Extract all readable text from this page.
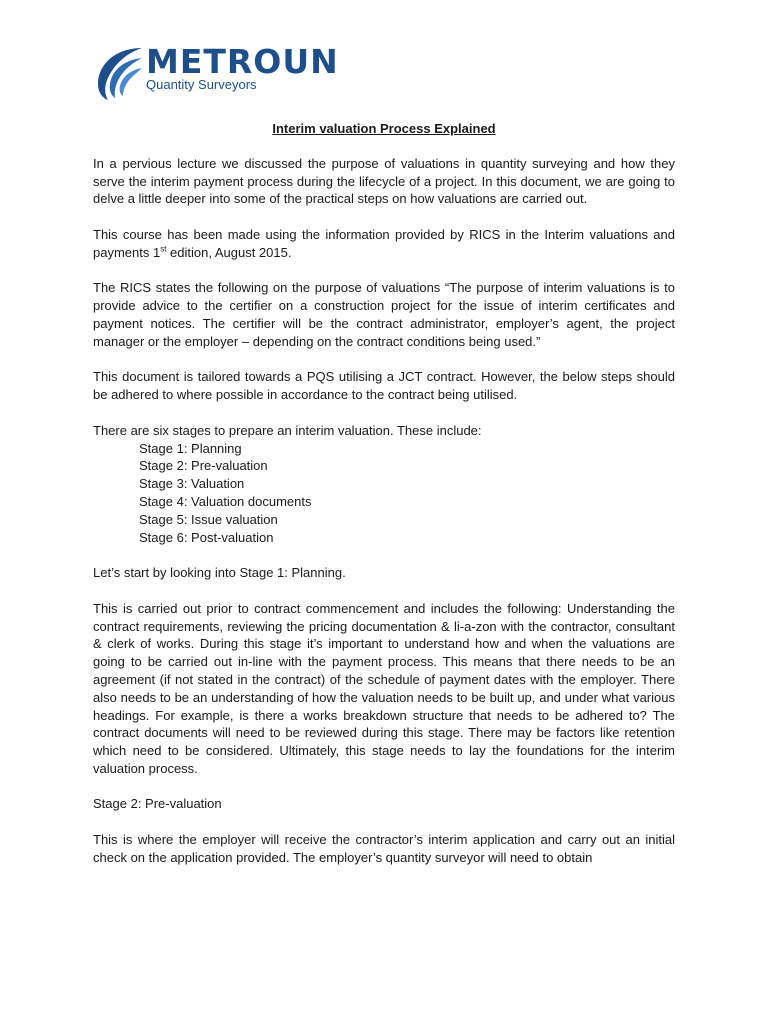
METROUN
Quantity Surveyors
Interim valuation Process Explained

In a pervious lecture we discussed the purpose of valuations in quantity surveying and how they serve the interim payment process during the lifecycle of a project. In this document, we are going to delve a little deeper into some of the practical steps on how valuations are carried out.

This course has been made using the information provided by RICS in the Interim valuations and payments 1st edition, August 2015.

The RICS states the following on the purpose of valuations “The purpose of interim valuations is to provide advice to the certifier on a construction project for the issue of interim certificates and payment notices. The certifier will be the contract administrator, employer’s agent, the project manager or the employer – depending on the contract conditions being used.”

This document is tailored towards a PQS utilising a JCT contract. However, the below steps should be adhered to where possible in accordance to the contract being utilised.

There are six stages to prepare an interim valuation. These include:
Stage 1: Planning
Stage 2: Pre-valuation
Stage 3: Valuation
Stage 4: Valuation documents
Stage 5: Issue valuation
Stage 6: Post-valuation

Let’s start by looking into Stage 1: Planning.

This is carried out prior to contract commencement and includes the following: Understanding the contract requirements, reviewing the pricing documentation & li-a-zon with the contractor, consultant & clerk of works. During this stage it’s important to understand how and when the valuations are going to be carried out in-line with the payment process. This means that there needs to be an agreement (if not stated in the contract) of the schedule of payment dates with the employer. There also needs to be an understanding of how the valuation needs to be built up, and under what various headings. For example, is there a works breakdown structure that needs to be adhered to? The contract documents will need to be reviewed during this stage. There may be factors like retention which need to be considered. Ultimately, this stage needs to lay the foundations for the interim valuation process.

Stage 2: Pre-valuation

This is where the employer will receive the contractor’s interim application and carry out an initial check on the application provided. The employer’s quantity surveyor will need to obtain
